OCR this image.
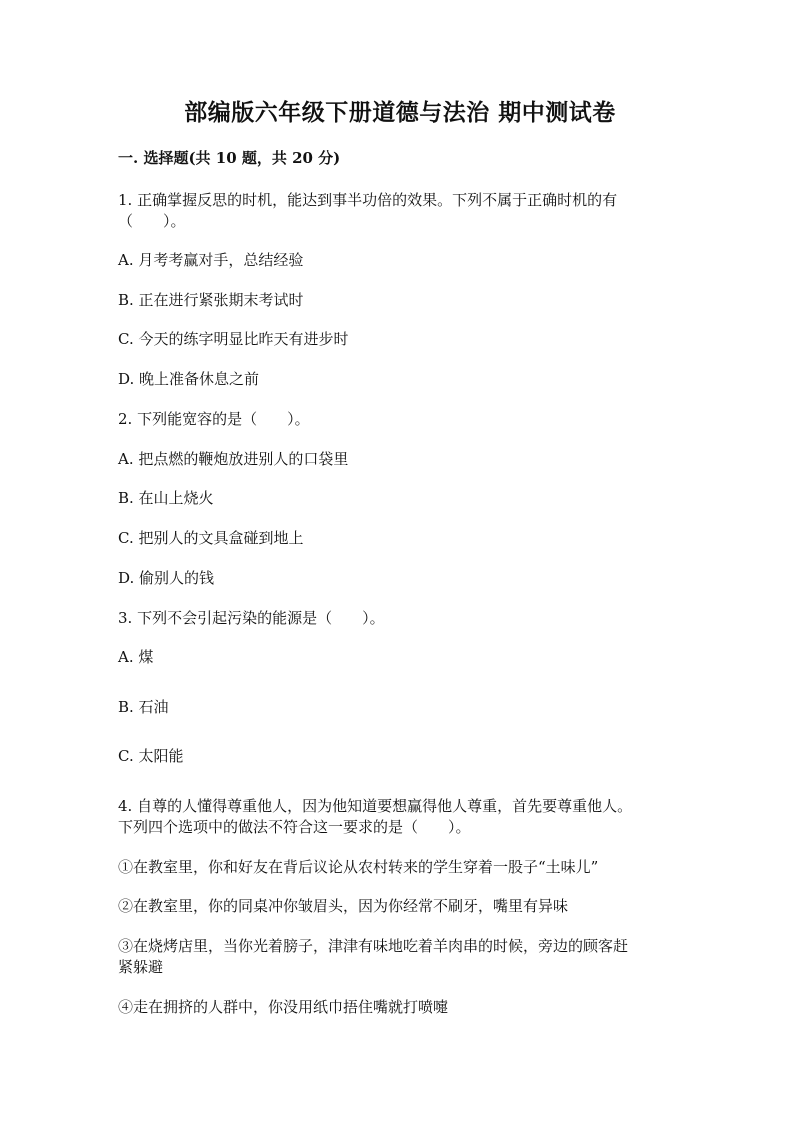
部编版六年级下册道德与法治 期中测试卷
一. 选择题(共 10 题，共 20 分)
1. 正确掌握反思的时机，能达到事半功倍的效果。下列不属于正确时机的有
（　　）。
A. 月考考赢对手，总结经验
B. 正在进行紧张期末考试时
C. 今天的练字明显比昨天有进步时
D. 晚上准备休息之前
2. 下列能宽容的是（　　）。
A. 把点燃的鞭炮放进别人的口袋里
B. 在山上烧火
C. 把别人的文具盒碰到地上
D. 偷别人的钱
3. 下列不会引起污染的能源是（　　）。
A. 煤
B. 石油
C. 太阳能
4. 自尊的人懂得尊重他人，因为他知道要想赢得他人尊重，首先要尊重他人。
下列四个选项中的做法不符合这一要求的是（　　）。
①在教室里，你和好友在背后议论从农村转来的学生穿着一股子“土味儿”
②在教室里，你的同桌冲你皱眉头，因为你经常不刷牙，嘴里有异味
③在烧烤店里，当你光着膀子，津津有味地吃着羊肉串的时候，旁边的顾客赶
紧躲避
④走在拥挤的人群中，你没用纸巾捂住嘴就打喷嚏
